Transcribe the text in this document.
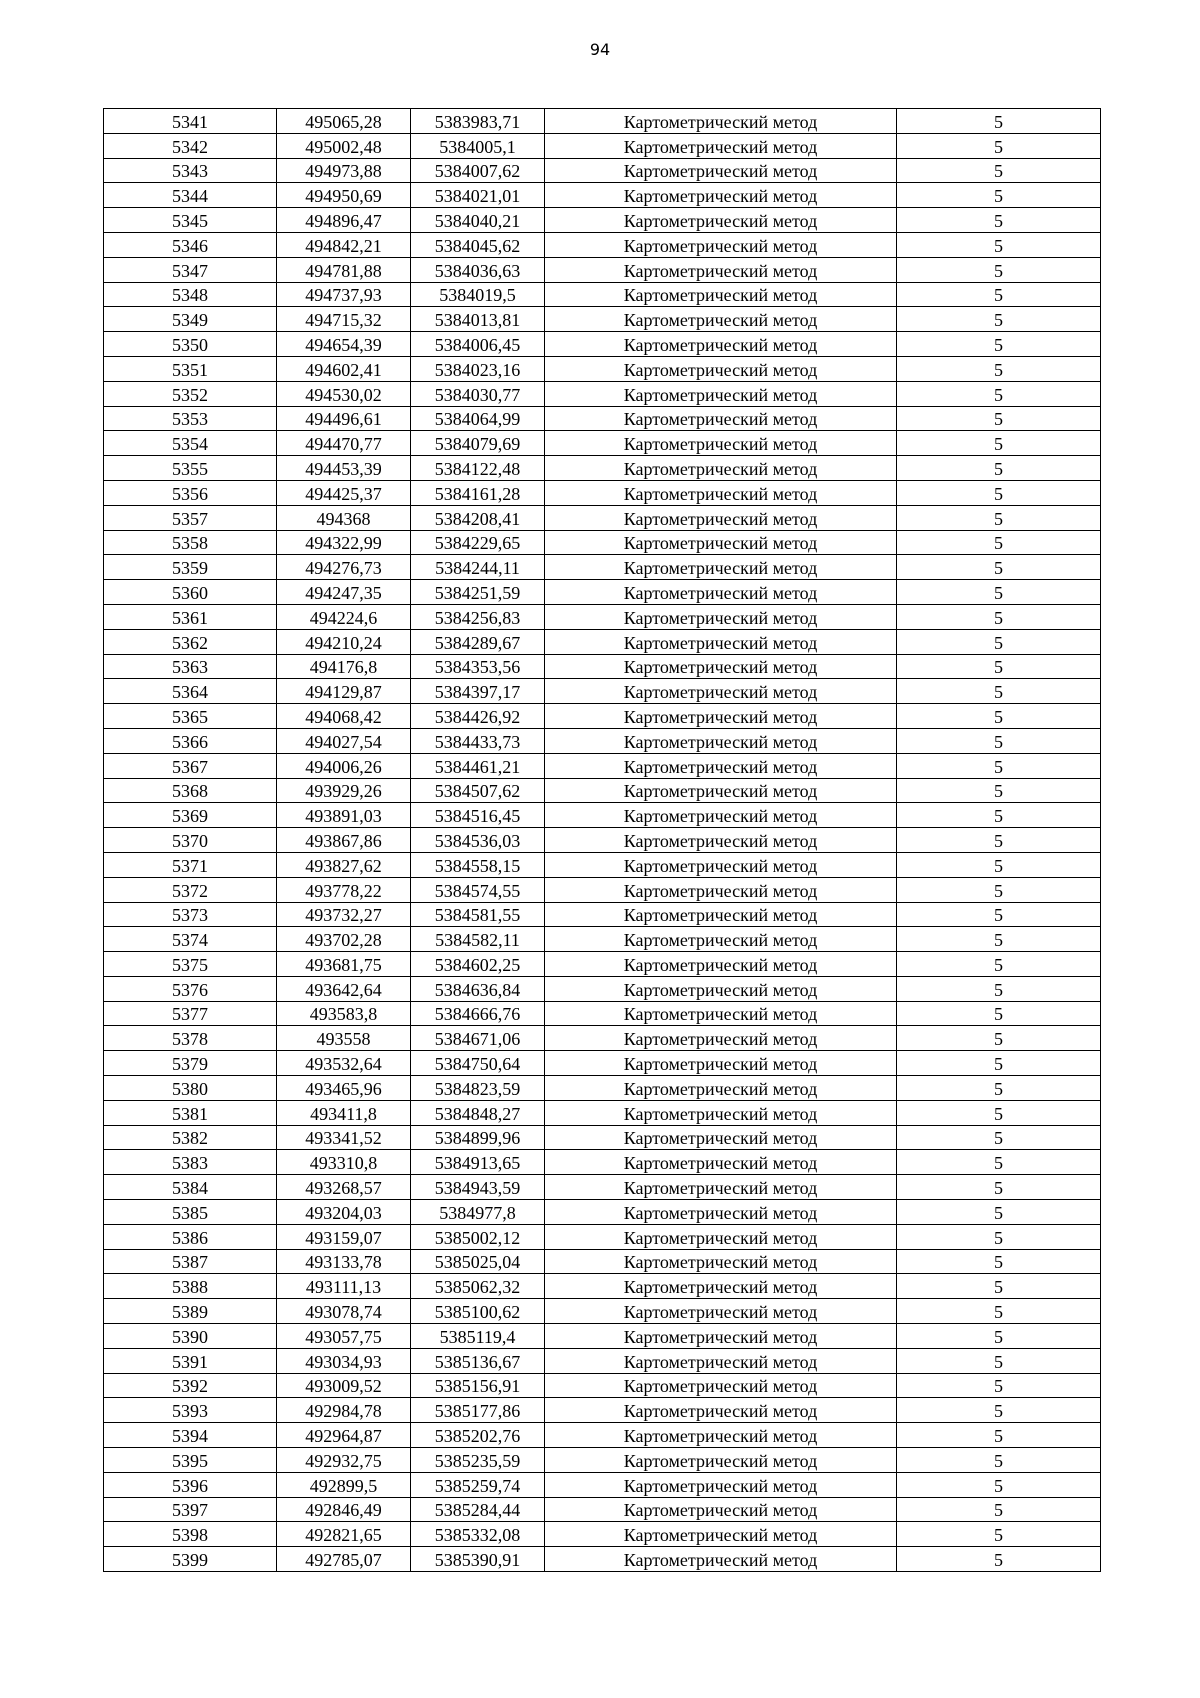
94
5341	495065,28	5383983,71	Картометрический метод	5
5342	495002,48	5384005,1	Картометрический метод	5
5343	494973,88	5384007,62	Картометрический метод	5
5344	494950,69	5384021,01	Картометрический метод	5
5345	494896,47	5384040,21	Картометрический метод	5
5346	494842,21	5384045,62	Картометрический метод	5
5347	494781,88	5384036,63	Картометрический метод	5
5348	494737,93	5384019,5	Картометрический метод	5
5349	494715,32	5384013,81	Картометрический метод	5
5350	494654,39	5384006,45	Картометрический метод	5
5351	494602,41	5384023,16	Картометрический метод	5
5352	494530,02	5384030,77	Картометрический метод	5
5353	494496,61	5384064,99	Картометрический метод	5
5354	494470,77	5384079,69	Картометрический метод	5
5355	494453,39	5384122,48	Картометрический метод	5
5356	494425,37	5384161,28	Картометрический метод	5
5357	494368	5384208,41	Картометрический метод	5
5358	494322,99	5384229,65	Картометрический метод	5
5359	494276,73	5384244,11	Картометрический метод	5
5360	494247,35	5384251,59	Картометрический метод	5
5361	494224,6	5384256,83	Картометрический метод	5
5362	494210,24	5384289,67	Картометрический метод	5
5363	494176,8	5384353,56	Картометрический метод	5
5364	494129,87	5384397,17	Картометрический метод	5
5365	494068,42	5384426,92	Картометрический метод	5
5366	494027,54	5384433,73	Картометрический метод	5
5367	494006,26	5384461,21	Картометрический метод	5
5368	493929,26	5384507,62	Картометрический метод	5
5369	493891,03	5384516,45	Картометрический метод	5
5370	493867,86	5384536,03	Картометрический метод	5
5371	493827,62	5384558,15	Картометрический метод	5
5372	493778,22	5384574,55	Картометрический метод	5
5373	493732,27	5384581,55	Картометрический метод	5
5374	493702,28	5384582,11	Картометрический метод	5
5375	493681,75	5384602,25	Картометрический метод	5
5376	493642,64	5384636,84	Картометрический метод	5
5377	493583,8	5384666,76	Картометрический метод	5
5378	493558	5384671,06	Картометрический метод	5
5379	493532,64	5384750,64	Картометрический метод	5
5380	493465,96	5384823,59	Картометрический метод	5
5381	493411,8	5384848,27	Картометрический метод	5
5382	493341,52	5384899,96	Картометрический метод	5
5383	493310,8	5384913,65	Картометрический метод	5
5384	493268,57	5384943,59	Картометрический метод	5
5385	493204,03	5384977,8	Картометрический метод	5
5386	493159,07	5385002,12	Картометрический метод	5
5387	493133,78	5385025,04	Картометрический метод	5
5388	493111,13	5385062,32	Картометрический метод	5
5389	493078,74	5385100,62	Картометрический метод	5
5390	493057,75	5385119,4	Картометрический метод	5
5391	493034,93	5385136,67	Картометрический метод	5
5392	493009,52	5385156,91	Картометрический метод	5
5393	492984,78	5385177,86	Картометрический метод	5
5394	492964,87	5385202,76	Картометрический метод	5
5395	492932,75	5385235,59	Картометрический метод	5
5396	492899,5	5385259,74	Картометрический метод	5
5397	492846,49	5385284,44	Картометрический метод	5
5398	492821,65	5385332,08	Картометрический метод	5
5399	492785,07	5385390,91	Картометрический метод	5
